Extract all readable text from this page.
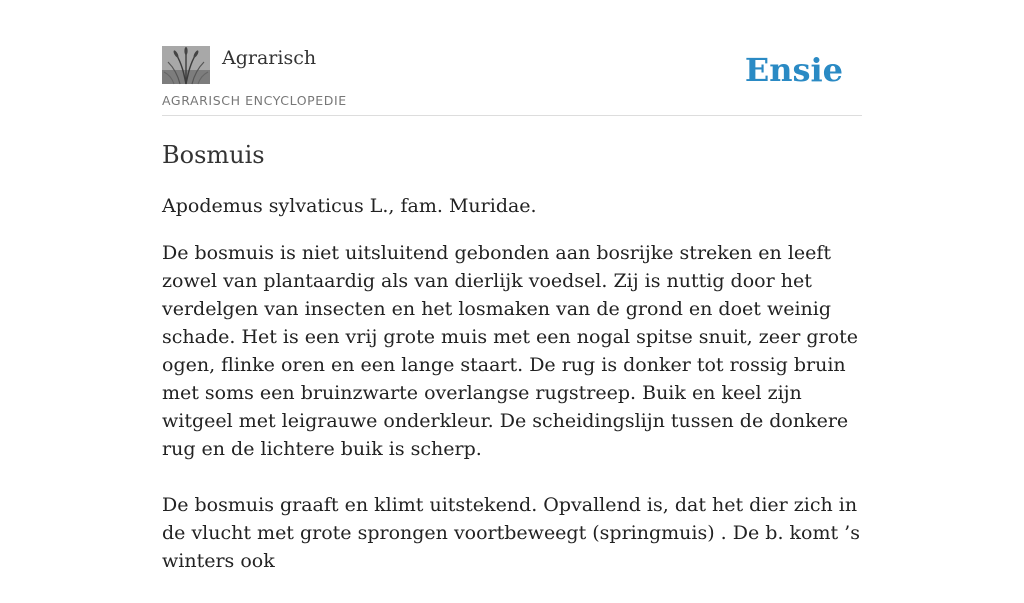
Agrarisch
AGRARISCH ENCYCLOPEDIE
Ensie
Bosmuis

Apodemus sylvaticus L., fam. Muridae.

De bosmuis is niet uitsluitend gebonden aan bosrijke streken en leeft zowel van plantaardig als van dierlijk voedsel. Zij is nuttig door het verdelgen van insecten en het losmaken van de grond en doet weinig schade. Het is een vrij grote muis met een nogal spitse snuit, zeer grote ogen, flinke oren en een lange staart. De rug is donker tot rossig bruin met soms een bruinzwarte overlangse rugstreep. Buik en keel zijn witgeel met leigrauwe onderkleur. De scheidingslijn tussen de donkere rug en de lichtere buik is scherp.

De bosmuis graaft en klimt uitstekend. Opvallend is, dat het dier zich in de vlucht met grote sprongen voortbeweegt (springmuis) . De b. komt ’s winters ook
